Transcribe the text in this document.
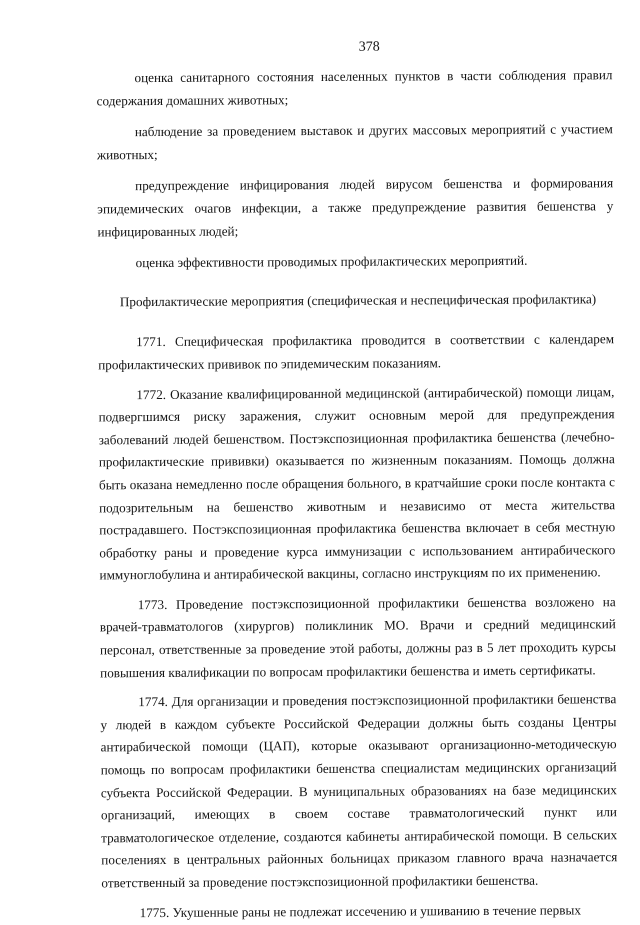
378

оценка санитарного состояния населенных пунктов в части соблюдения правил содержания домашних животных;

наблюдение за проведением выставок и других массовых мероприятий с участием животных;

предупреждение инфицирования людей вирусом бешенства и формирования эпидемических очагов инфекции, а также предупреждение развития бешенства у инфицированных людей;

оценка эффективности проводимых профилактических мероприятий.

Профилактические мероприятия (специфическая и неспецифическая профилактика)

1771. Специфическая профилактика проводится в соответствии с календарем профилактических прививок по эпидемическим показаниям.

1772. Оказание квалифицированной медицинской (антирабической) помощи лицам, подвергшимся риску заражения, служит основным мерой для предупреждения заболеваний людей бешенством. Постэкспозиционная профилактика бешенства (лечебно-профилактические прививки) оказывается по жизненным показаниям. Помощь должна быть оказана немедленно после обращения больного, в кратчайшие сроки после контакта с подозрительным на бешенство животным и независимо от места жительства пострадавшего. Постэкспозиционная профилактика бешенства включает в себя местную обработку раны и проведение курса иммунизации с использованием антирабического иммуноглобулина и антирабической вакцины, согласно инструкциям по их применению.

1773. Проведение постэкспозиционной профилактики бешенства возложено на врачей-травматологов (хирургов) поликлиник МО. Врачи и средний медицинский персонал, ответственные за проведение этой работы, должны раз в 5 лет проходить курсы повышения квалификации по вопросам профилактики бешенства и иметь сертификаты.

1774. Для организации и проведения постэкспозиционной профилактики бешенства у людей в каждом субъекте Российской Федерации должны быть созданы Центры антирабической помощи (ЦАП), которые оказывают организационно-методическую помощь по вопросам профилактики бешенства специалистам медицинских организаций субъекта Российской Федерации. В муниципальных образованиях на базе медицинских организаций, имеющих в своем составе травматологический пункт или травматологическое отделение, создаются кабинеты антирабической помощи. В сельских поселениях в центральных районных больницах приказом главного врача назначается ответственный за проведение постэкспозиционной профилактики бешенства.

1775. Укушенные раны не подлежат иссечению и ушиванию в течение первых
